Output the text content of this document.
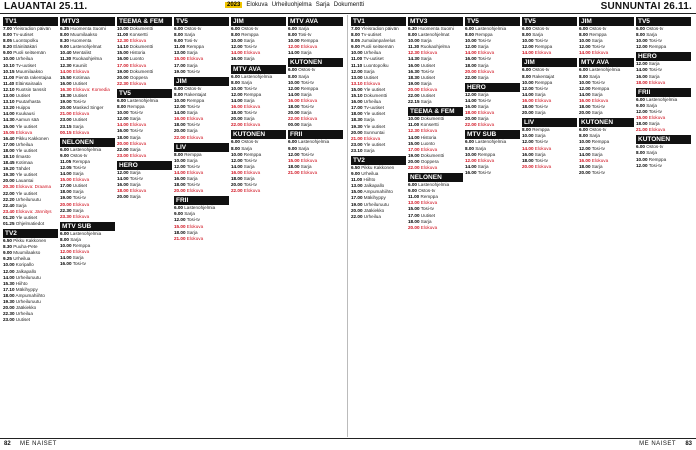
LAUANTAI 25.11.	2023	Elokuva Urheiluohjelma Sarja Dokumentti	SUNNUNTAI 26.11.
TV1
7.00 Yleisradion päivän
8.00 Tv-uutiset
8.05 Luontopolku
8.20 Eläinlääkäri
9.00 Puoli seitsemän
10.00 Urheilua
10.10 Tv-uutiset
10.15 Muumilaakso
11.00 Pientä rakentajaa
11.40 Eläinsairaala
12.10 Ruotsin tanssit
13.00 Uutiset
13.10 Puutarhasta
13.20 Huippu
14.00 Kuukausi
14.30 Aamun sää
15.00 Yle uutiset
15.05 Elokuva
16.40 Pikku Kakkonen
17.00 Urheilua
18.00 Yle uutiset
18.10 Ilmasto
18.45 Kotimaa
19.20 Tähdet
19.30 Yle uutiset
20.00 Lauantai
20.30 Elokuva: Draama
22.00 Yle uutiset
22.20 Urheiluruutu
22.40 Sarja
23.40 Elokuva: Jännitys
01.20 Yle uutiset
01.25 Ohjelmatiedot
TV2
6.50 Pikku Kakkonen
8.30 Puuha-Pete
9.00 Muumilaakso
9.25 Urheilua
10.00 Koripallo
12.00 Jalkapallo
14.00 Urheiluruutu
15.30 Hiihto
17.10 Mäkihyppy
18.00 Ampumahiihto
19.30 Urheiluruutu
20.00 Jääkiekko
22.30 Urheilua
23.00 Uutiset
MTV3
6.35 Huomenta Suomi
8.00 Muumilaakso
8.30 Huomenta
9.00 Lastenohjelmat
10.40 Mentalist
11.30 Ruokaohjelma
12.30 Kauniit
14.00 Elokuva
15.50 Kotimaa
16.00 Uutiset
16.30 Elokuva: Komedia
18.30 Uutiset
19.00 Tosi-tv
20.00 Masked Singer
21.00 Elokuva
23.00 Uutiset
23.15 Sarja
00.15 Elokuva
NELONEN
6.00 Lastenohjelmia
9.00 Ostos-tv
11.05 Remppa
12.05 Tosi-tv
14.00 Sarja
15.00 Elokuva
17.00 Uutiset
18.00 Sarja
19.00 Tosi-tv
20.00 Elokuva
22.30 Sarja
23.30 Elokuva
MTV SUB
6.00 Lastenohjelmia
8.00 Sarja
10.00 Remppa
12.00 Elokuva
14.00 Sarja
16.00 Tosi-tv
TEEMA & FEM
10.00 Dokumentti
11.00 Konsertti
12.30 Elokuva
14.10 Dokumentti
15.00 Historia
16.00 Luonto
17.00 Elokuva
19.00 Dokumentti
20.00 Ooppera
22.30 Elokuva
TV5
6.00 Lastenohjelmia
8.00 Remppa
10.00 Tosi-tv
12.00 Sarja
14.00 Elokuva
16.00 Tosi-tv
18.00 Sarja
20.00 Elokuva
22.00 Sarja
23.00 Elokuva
HERO
12.00 Sarja
14.00 Tosi-tv
16.00 Sarja
18.00 Elokuva
20.00 Sarja
TV5
6.00 Ostos-tv
8.00 Sarja
9.00 Tosi-tv
11.00 Remppa
13.00 Sarja
15.00 Elokuva
17.00 Sarja
19.00 Tosi-tv
JIM
6.00 Ostos-tv
8.00 Rakentajat
10.00 Remppa
12.00 Tosi-tv
14.00 Sarja
16.00 Elokuva
18.00 Tosi-tv
20.00 Sarja
22.00 Elokuva
LIV
8.00 Remppa
10.00 Sarja
12.00 Tosi-tv
14.00 Elokuva
16.00 Sarja
18.00 Tosi-tv
20.00 Elokuva
FRII
6.00 Lastenohjelmia
9.00 Sarja
12.00 Tosi-tv
15.00 Elokuva
18.00 Sarja
21.00 Elokuva
JIM
6.00 Ostos-tv
8.00 Remppa
10.00 Sarja
12.00 Tosi-tv
14.00 Elokuva
16.00 Sarja
MTV AVA
6.00 Lastenohjelmia
8.00 Sarja
10.00 Tosi-tv
12.00 Remppa
14.00 Sarja
16.00 Elokuva
18.00 Tosi-tv
20.00 Sarja
22.00 Elokuva
KUTONEN
6.00 Ostos-tv
8.00 Sarja
10.00 Remppa
12.00 Tosi-tv
14.00 Sarja
16.00 Elokuva
18.00 Sarja
20.00 Tosi-tv
22.00 Elokuva
MTV AVA
6.00 Sarja
8.00 Tosi-tv
10.00 Remppa
12.00 Elokuva
14.00 Sarja
KUTONEN
6.00 Ostos-tv
8.00 Sarja
10.00 Tosi-tv
12.00 Remppa
14.00 Sarja
16.00 Elokuva
18.00 Tosi-tv
20.00 Sarja
22.00 Elokuva
00.00 Sarja
FRII
6.00 Lastenohjelmia
9.00 Sarja
12.00 Tosi-tv
15.00 Elokuva
18.00 Sarja
21.00 Elokuva
TV1
7.00 Yleisradion päivän
8.00 Tv-uutiset
8.05 Jumalanpalvelus
9.00 Puoli seitsemän
10.00 Urheilua
11.00 Tv-uutiset
11.10 Luontopolku
12.00 Sarja
13.00 Uutiset
13.10 Elokuva
15.00 Yle uutiset
15.10 Dokumentti
16.00 Urheilua
17.00 Tv-uutiset
18.00 Yle uutiset
18.30 Sarja
19.30 Yle uutiset
20.00 Sunnuntai
21.00 Elokuva
23.00 Yle uutiset
23.10 Sarja
TV2
6.50 Pikku Kakkonen
9.00 Urheilua
11.00 Hiihto
13.00 Jalkapallo
15.00 Ampumahiihto
17.00 Mäkihyppy
19.00 Urheiluruutu
20.00 Jääkiekko
22.00 Urheilua
MTV3
6.30 Huomenta Suomi
8.00 Lastenohjelmat
10.00 Sarja
11.30 Ruokaohjelma
12.30 Elokuva
14.30 Sarja
16.00 Uutiset
16.30 Tosi-tv
18.30 Uutiset
19.00 Sarja
20.00 Elokuva
22.00 Uutiset
22.15 Sarja
TEEMA & FEM
10.00 Dokumentti
11.00 Konsertti
12.30 Elokuva
14.00 Historia
15.00 Luonto
17.00 Elokuva
19.00 Dokumentti
20.00 Ooppera
22.00 Elokuva
NELONEN
6.00 Lastenohjelmia
9.00 Ostos-tv
11.00 Remppa
13.00 Elokuva
15.00 Tosi-tv
17.00 Uutiset
18.00 Sarja
20.00 Elokuva
TV5
6.00 Lastenohjelmia
8.00 Remppa
10.00 Tosi-tv
12.00 Sarja
14.00 Elokuva
16.00 Tosi-tv
18.00 Sarja
20.00 Elokuva
22.00 Sarja
HERO
12.00 Sarja
14.00 Tosi-tv
16.00 Sarja
18.00 Elokuva
20.00 Sarja
22.00 Elokuva
MTV SUB
6.00 Lastenohjelmia
8.00 Sarja
10.00 Remppa
12.00 Elokuva
14.00 Sarja
16.00 Tosi-tv
TV5
6.00 Ostos-tv
8.00 Sarja
10.00 Tosi-tv
12.00 Remppa
14.00 Elokuva
JIM
6.00 Ostos-tv
8.00 Rakentajat
10.00 Remppa
12.00 Tosi-tv
14.00 Sarja
16.00 Elokuva
18.00 Tosi-tv
20.00 Sarja
LIV
8.00 Remppa
10.00 Sarja
12.00 Tosi-tv
14.00 Elokuva
16.00 Sarja
18.00 Tosi-tv
20.00 Elokuva
JIM
6.00 Ostos-tv
8.00 Remppa
10.00 Sarja
12.00 Tosi-tv
14.00 Elokuva
MTV AVA
6.00 Lastenohjelmia
8.00 Sarja
10.00 Tosi-tv
12.00 Remppa
14.00 Sarja
16.00 Elokuva
18.00 Tosi-tv
20.00 Sarja
KUTONEN
6.00 Ostos-tv
8.00 Sarja
10.00 Remppa
12.00 Tosi-tv
14.00 Sarja
16.00 Elokuva
18.00 Sarja
20.00 Tosi-tv
TV5
6.00 Ostos-tv
8.00 Sarja
10.00 Tosi-tv
12.00 Remppa
HERO
12.00 Sarja
14.00 Tosi-tv
16.00 Sarja
18.00 Elokuva
FRII
6.00 Lastenohjelmia
9.00 Sarja
12.00 Tosi-tv
15.00 Elokuva
18.00 Sarja
21.00 Elokuva
KUTONEN
6.00 Ostos-tv
8.00 Sarja
10.00 Remppa
12.00 Tosi-tv
82 ME NAISET	ME NAISET 83
